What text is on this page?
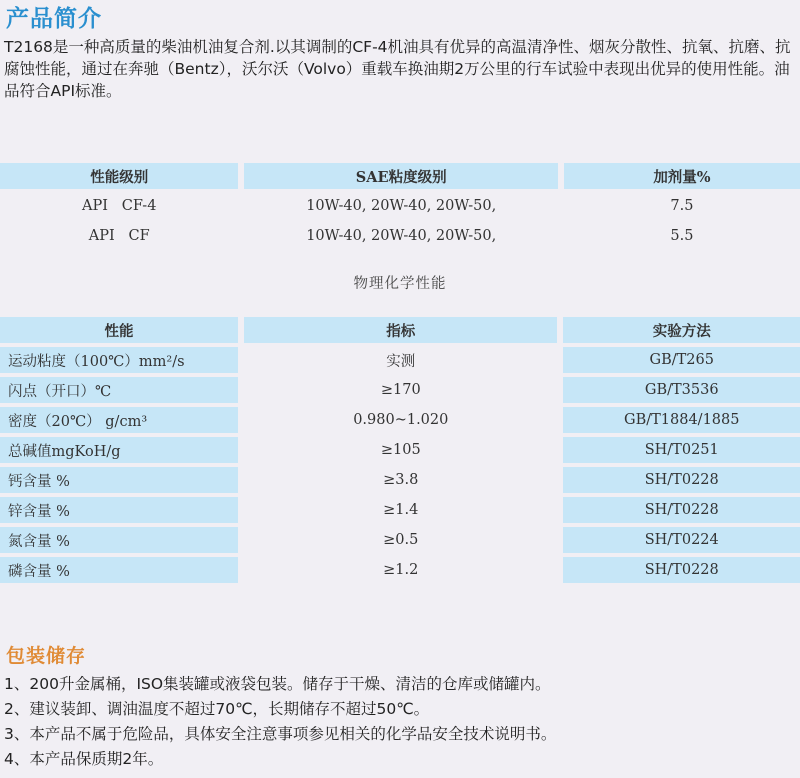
产品简介
T2168是一种高质量的柴油机油复合剂.以其调制的CF-4机油具有优异的高温清净性、烟灰分散性、抗氧、抗磨、抗腐蚀性能，通过在奔驰（Bentz），沃尔沃（Volvo）重载车换油期2万公里的行车试验中表现出优异的使用性能。油品符合API标准。
性能级别	SAE粘度级别	加剂量%
API   CF-4	10W-40, 20W-40, 20W-50,	7.5
API   CF	10W-40, 20W-40, 20W-50,	5.5
物理化学性能
性能	指标	实验方法
运动粘度（100℃）mm²/s	实测	GB/T265
闪点（开口）℃	≥170	GB/T3536
密度（20℃） g/cm³	0.980~1.020	GB/T1884/1885
总碱值mgKoH/g	≥105	SH/T0251
钙含量 %	≥3.8	SH/T0228
锌含量 %	≥1.4	SH/T0228
氮含量 %	≥0.5	SH/T0224
磷含量 %	≥1.2	SH/T0228
包装储存
1、200升金属桶，ISO集装罐或液袋包装。储存于干燥、清洁的仓库或储罐内。
2、建议装卸、调油温度不超过70℃，长期储存不超过50℃。
3、本产品不属于危险品，具体安全注意事项参见相关的化学品安全技术说明书。
4、本产品保质期2年。
